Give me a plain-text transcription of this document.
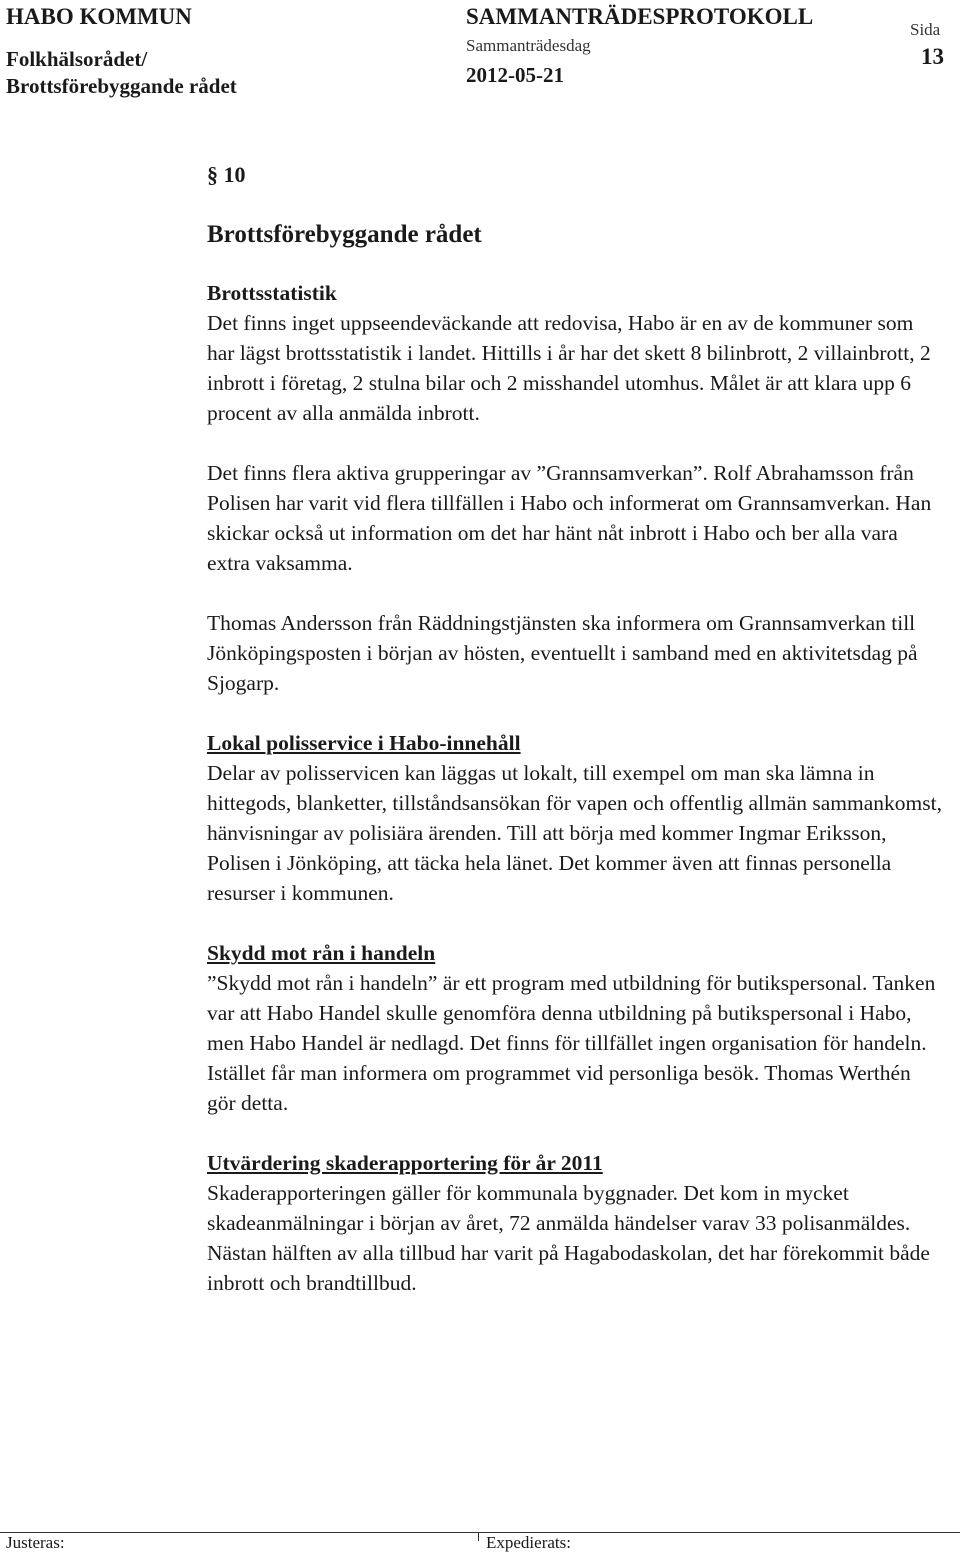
HABO KOMMUN
Folkhälsorådet/
Brottsförebyggande rådet
SAMMANTRÄDESPROTOKOLL
Sammanträdesdag
2012-05-21
Sida
13
§ 10
Brottsförebyggande rådet
Brottsstatistik

Det finns inget uppseendeväckande att redovisa, Habo är en av de kommuner som har lägst brottsstatistik i landet. Hittills i år har det skett 8 bilinbrott, 2 villainbrott, 2 inbrott i företag, 2 stulna bilar och 2 misshandel utomhus. Målet är att klara upp 6 procent av alla anmälda inbrott.

Det finns flera aktiva grupperingar av ”Grannsamverkan”. Rolf Abrahamsson från Polisen har varit vid flera tillfällen i Habo och informerat om Grannsamverkan. Han skickar också ut information om det har hänt nåt inbrott i Habo och ber alla vara extra vaksamma.

Thomas Andersson från Räddningstjänsten ska informera om Grannsamverkan till Jönköpingsposten i början av hösten, eventuellt i samband med en aktivitetsdag på Sjogarp.

Lokal polisservice i Habo-innehåll

Delar av polisservicen kan läggas ut lokalt, till exempel om man ska lämna in hittegods, blanketter, tillståndsansökan för vapen och offentlig allmän sammankomst, hänvisningar av polisiära ärenden. Till att börja med kommer Ingmar Eriksson, Polisen i Jönköping, att täcka hela länet. Det kommer även att finnas personella resurser i kommunen.

Skydd mot rån i handeln

”Skydd mot rån i handeln” är ett program med utbildning för butikspersonal. Tanken var att Habo Handel skulle genomföra denna utbildning på butikspersonal i Habo, men Habo Handel är nedlagd. Det finns för tillfället ingen organisation för handeln. Istället får man informera om programmet vid personliga besök. Thomas Werthén gör detta.

Utvärdering skaderapportering för år 2011

Skaderapporteringen gäller för kommunala byggnader. Det kom in mycket skadeanmälningar i början av året, 72 anmälda händelser varav 33 polisanmäldes.

Nästan hälften av alla tillbud har varit på Hagabodaskolan, det har förekommit både inbrott och brandtillbud.

Justeras:	Expedierats:
